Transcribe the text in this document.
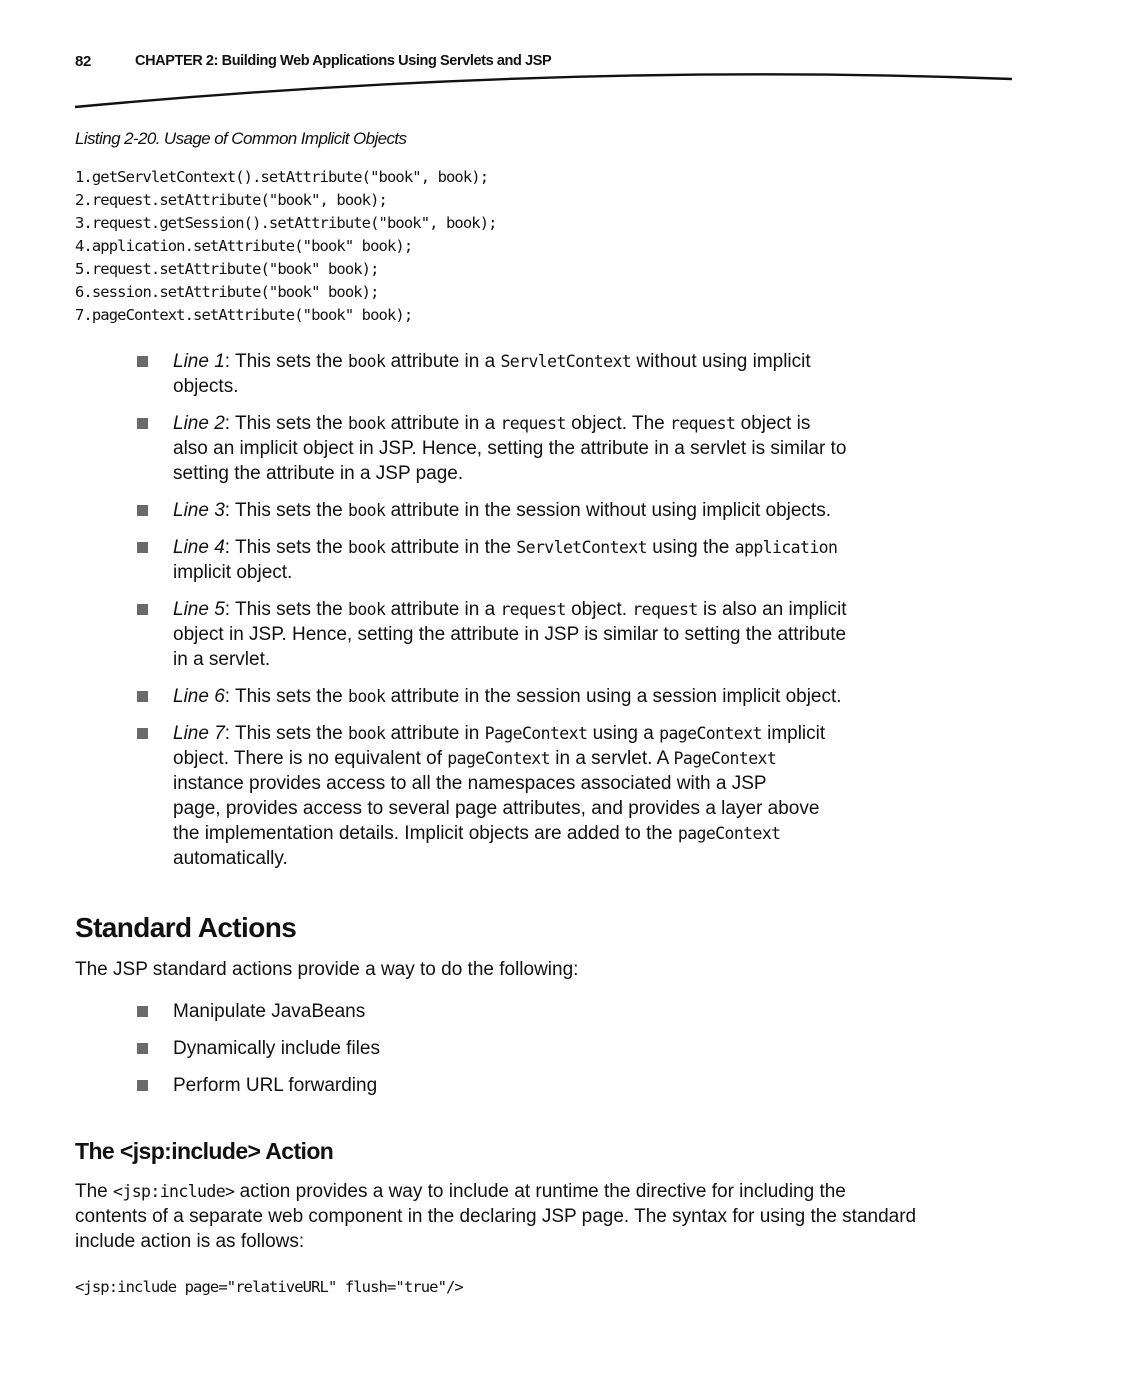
82	CHAPTER 2: Building Web Applications Using Servlets and JSP
Listing 2-20. Usage of Common Implicit Objects
1.getServletContext().setAttribute("book", book);
2.request.setAttribute("book", book);
3.request.getSession().setAttribute("book", book);
4.application.setAttribute("book" book);
5.request.setAttribute("book" book);
6.session.setAttribute("book" book);
7.pageContext.setAttribute("book" book);
Line 1: This sets the book attribute in a ServletContext without using implicit
objects.
Line 2: This sets the book attribute in a request object. The request object is
also an implicit object in JSP. Hence, setting the attribute in a servlet is similar to
setting the attribute in a JSP page.
Line 3: This sets the book attribute in the session without using implicit objects.
Line 4: This sets the book attribute in the ServletContext using the application
implicit object.
Line 5: This sets the book attribute in a request object. request is also an implicit
object in JSP. Hence, setting the attribute in JSP is similar to setting the attribute
in a servlet.
Line 6: This sets the book attribute in the session using a session implicit object.
Line 7: This sets the book attribute in PageContext using a pageContext implicit
object. There is no equivalent of pageContext in a servlet. A PageContext
instance provides access to all the namespaces associated with a JSP
page, provides access to several page attributes, and provides a layer above
the implementation details. Implicit objects are added to the pageContext
automatically.
Standard Actions

The JSP standard actions provide a way to do the following:

Manipulate JavaBeans
Dynamically include files
Perform URL forwarding
The <jsp:include> Action

The <jsp:include> action provides a way to include at runtime the directive for including the
contents of a separate web component in the declaring JSP page. The syntax for using the standard
include action is as follows:

<jsp:include page="relativeURL" flush="true"/>
